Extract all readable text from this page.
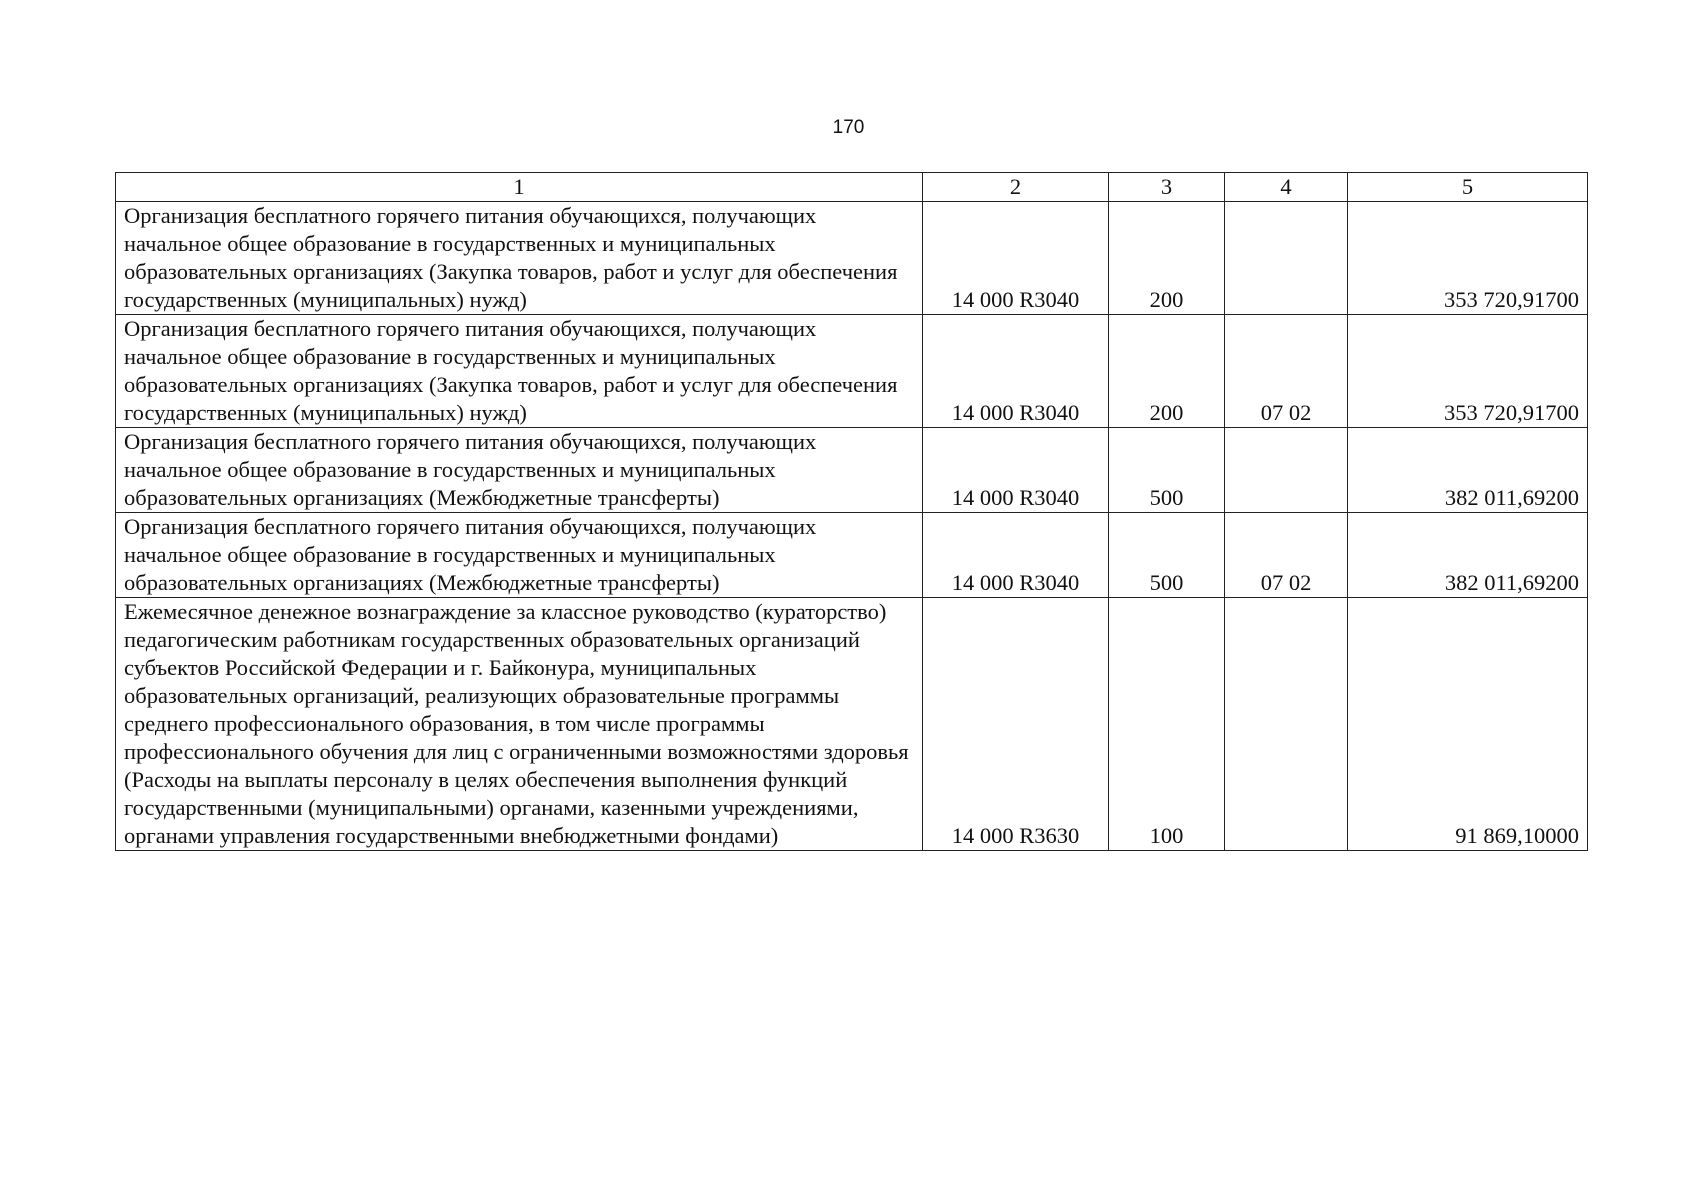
170
1	2	3	4	5
Организация бесплатного горячего питания обучающихся, получающих начальное общее образование в государственных и муниципальных образовательных организациях (Закупка товаров, работ и услуг для обеспечения государственных (муниципальных) нужд)	14 000 R3040	200		353 720,91700
Организация бесплатного горячего питания обучающихся, получающих начальное общее образование в государственных и муниципальных образовательных организациях (Закупка товаров, работ и услуг для обеспечения государственных (муниципальных) нужд)	14 000 R3040	200	07 02	353 720,91700
Организация бесплатного горячего питания обучающихся, получающих начальное общее образование в государственных и муниципальных образовательных организациях (Межбюджетные трансферты)	14 000 R3040	500		382 011,69200
Организация бесплатного горячего питания обучающихся, получающих начальное общее образование в государственных и муниципальных образовательных организациях (Межбюджетные трансферты)	14 000 R3040	500	07 02	382 011,69200
Ежемесячное денежное вознаграждение за классное руководство (кураторство) педагогическим работникам государственных образовательных организаций субъектов Российской Федерации и г. Байконура, муниципальных образовательных организаций, реализующих образовательные программы среднего профессионального образования, в том числе программы профессионального обучения для лиц с ограниченными возможностями здоровья (Расходы на выплаты персоналу в целях обеспечения выполнения функций государственными (муниципальными) органами, казенными учреждениями, органами управления государственными внебюджетными фондами)	14 000 R3630	100		91 869,10000
